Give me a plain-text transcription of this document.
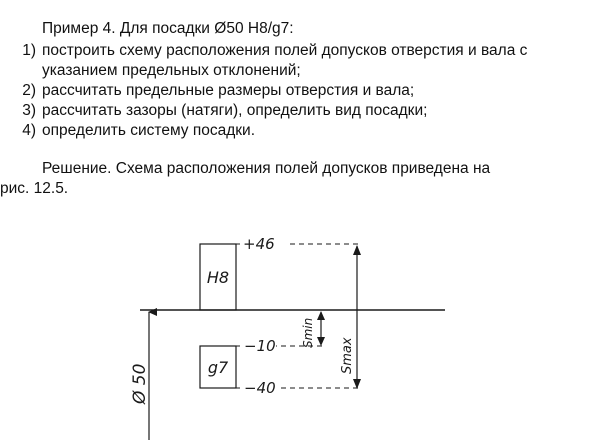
Пример 4. Для посадки Ø50 H8/g7:
1) построить схему расположения полей допусков отверстия и вала с
указанием предельных отклонений;
2) рассчитать предельные размеры отверстия и вала;
3) рассчитать зазоры (натяги), определить вид посадки;
4) определить систему посадки.
Решение. Схема расположения полей допусков приведена на
рис. 12.5.
Ø 50
H8
+46
g7
−10
−40
Smin
Smax
